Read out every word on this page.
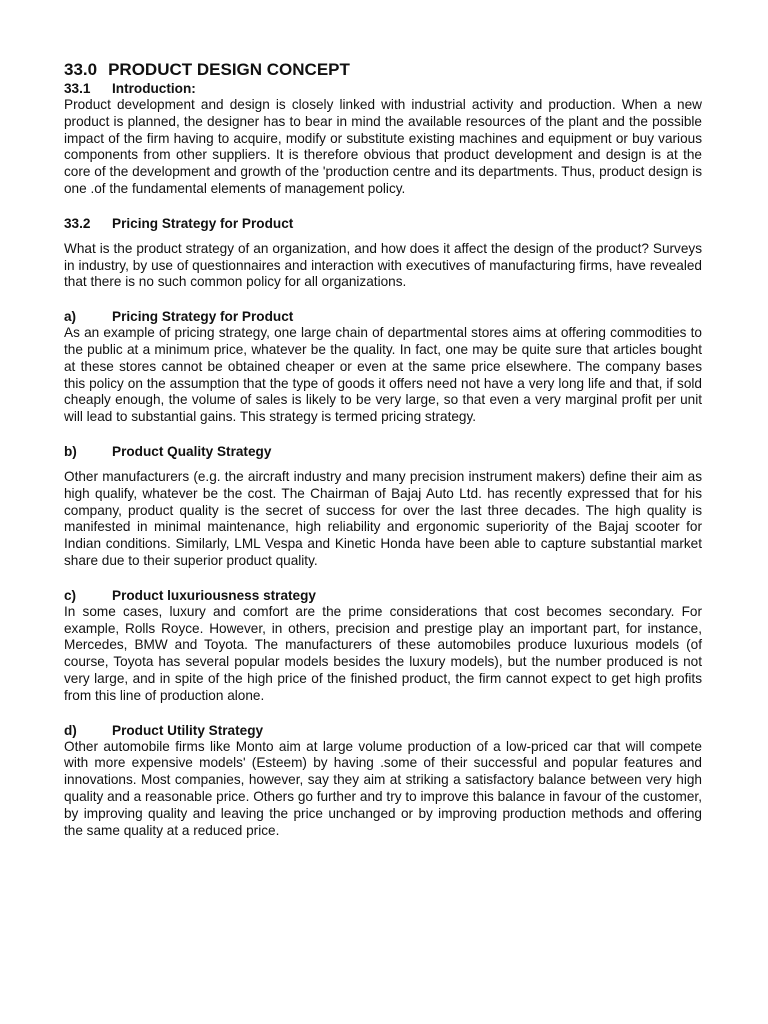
33.0 PRODUCT DESIGN CONCEPT
33.1	Introduction:

Product development and design is closely linked with industrial activity and production. When a new product is planned, the designer has to bear in mind the available resources of the plant and the possible impact of the firm having to acquire, modify or substitute existing machines and equipment or buy various components from other suppliers. It is therefore obvious that product development and design is at the core of the development and growth of the 'production centre and its departments. Thus, product design is one .of the fundamental elements of management policy.

33.2	Pricing Strategy for Product

What is the product strategy of an organization, and how does it affect the design of the product? Surveys in industry, by use of questionnaires and interaction with executives of manufacturing firms, have revealed that there is no such common policy for all organizations.

a)	Pricing Strategy for Product

As an example of pricing strategy, one large chain of departmental stores aims at offering commodities to the public at a minimum price, whatever be the quality. In fact, one may be quite sure that articles bought at these stores cannot be obtained cheaper or even at the same price elsewhere. The company bases this policy on the assumption that the type of goods it offers need not have a very long life and that, if sold cheaply enough, the volume of sales is likely to be very large, so that even a very marginal profit per unit will lead to substantial gains. This strategy is termed pricing strategy.

b)	Product Quality Strategy

Other manufacturers (e.g. the aircraft industry and many precision instrument makers) define their aim as high qualify, whatever be the cost. The Chairman of Bajaj Auto Ltd. has recently expressed that for his company, product quality is the secret of success for over the last three decades. The high quality is manifested in minimal maintenance, high reliability and ergonomic superiority of the Bajaj scooter for Indian conditions. Similarly, LML Vespa and Kinetic Honda have been able to capture substantial market share due to their superior product quality.

c)	Product luxuriousness strategy

In some cases, luxury and comfort are the prime considerations that cost becomes secondary. For example, Rolls Royce. However, in others, precision and prestige play an important part, for instance, Mercedes, BMW and Toyota. The manufacturers of these automobiles produce luxurious models (of course, Toyota has several popular models besides the luxury models), but the number produced is not very large, and in spite of the high price of the finished product, the firm cannot expect to get high profits from this line of production alone.

d)	Product Utility Strategy

Other automobile firms like Monto aim at large volume production of a low-priced car that will compete with more expensive models' (Esteem) by having .some of their successful and popular features and innovations. Most companies, however, say they aim at striking a satisfactory balance between very high quality and a reasonable price. Others go further and try to improve this balance in favour of the customer, by improving quality and leaving the price unchanged or by improving production methods and offering the same quality at a reduced price.
